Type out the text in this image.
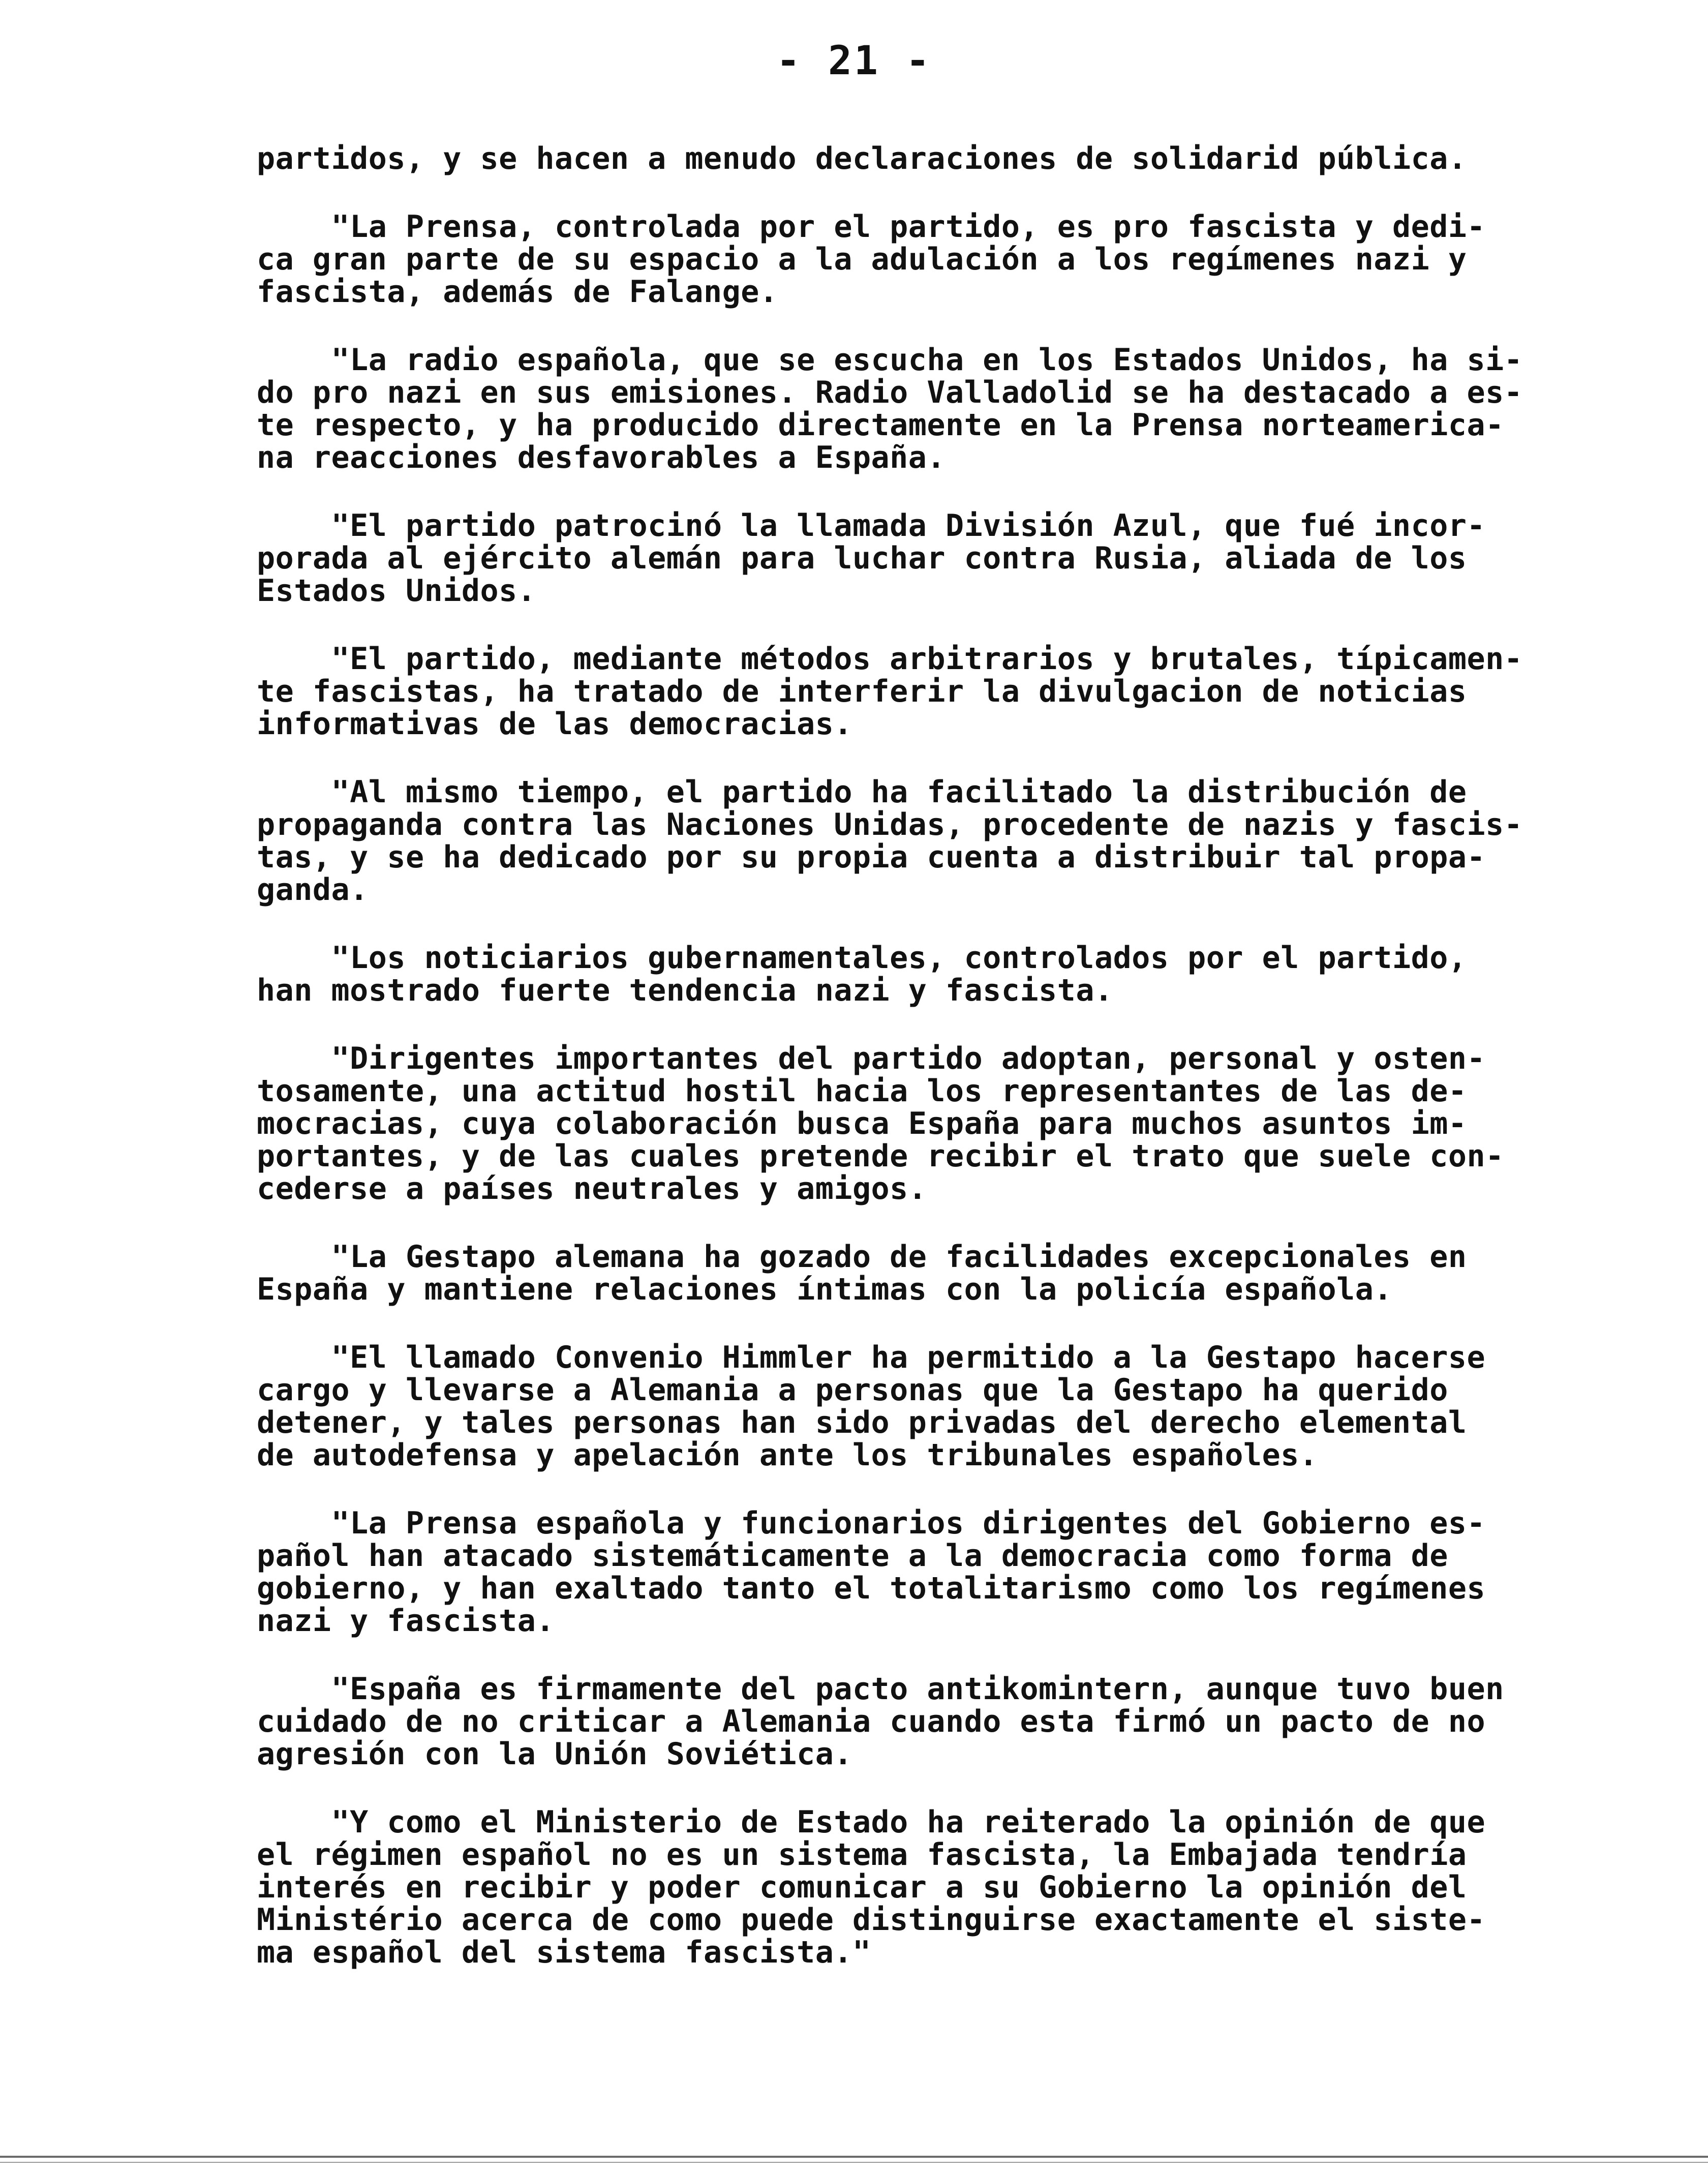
- 21 -
partidos, y se hacen a menudo declaraciones de solidarid pública.
"La Prensa, controlada por el partido, es pro fascista y dedi-
ca gran parte de su espacio a la adulación a los regímenes nazi y
fascista, además de Falange.
"La radio española, que se escucha en los Estados Unidos, ha si-
do pro nazi en sus emisiones. Radio Valladolid se ha destacado a es-
te respecto, y ha producido directamente en la Prensa norteamerica-
na reacciones desfavorables a España.
"El partido patrocinó la llamada División Azul, que fué incor-
porada al ejército alemán para luchar contra Rusia, aliada de los
Estados Unidos.
"El partido, mediante métodos arbitrarios y brutales, típicamen-
te fascistas, ha tratado de interferir la divulgacion de noticias
informativas de las democracias.
"Al mismo tiempo, el partido ha facilitado la distribución de
propaganda contra las Naciones Unidas, procedente de nazis y fascis-
tas, y se ha dedicado por su propia cuenta a distribuir tal propa-
ganda.
"Los noticiarios gubernamentales, controlados por el partido,
han mostrado fuerte tendencia nazi y fascista.
"Dirigentes importantes del partido adoptan, personal y osten-
tosamente, una actitud hostil hacia los representantes de las de-
mocracias, cuya colaboración busca España para muchos asuntos im-
portantes, y de las cuales pretende recibir el trato que suele con-
cederse a países neutrales y amigos.
"La Gestapo alemana ha gozado de facilidades excepcionales en
España y mantiene relaciones íntimas con la policía española.
"El llamado Convenio Himmler ha permitido a la Gestapo hacerse
cargo y llevarse a Alemania a personas que la Gestapo ha querido
detener, y tales personas han sido privadas del derecho elemental
de autodefensa y apelación ante los tribunales españoles.
"La Prensa española y funcionarios dirigentes del Gobierno es-
pañol han atacado sistemáticamente a la democracia como forma de
gobierno, y han exaltado tanto el totalitarismo como los regímenes
nazi y fascista.
"España es firmamente del pacto antikomintern, aunque tuvo buen
cuidado de no criticar a Alemania cuando esta firmó un pacto de no
agresión con la Unión Soviética.
"Y como el Ministerio de Estado ha reiterado la opinión de que
el régimen español no es un sistema fascista, la Embajada tendría
interés en recibir y poder comunicar a su Gobierno la opinión del
Ministério acerca de como puede distinguirse exactamente el siste-
ma español del sistema fascista."
